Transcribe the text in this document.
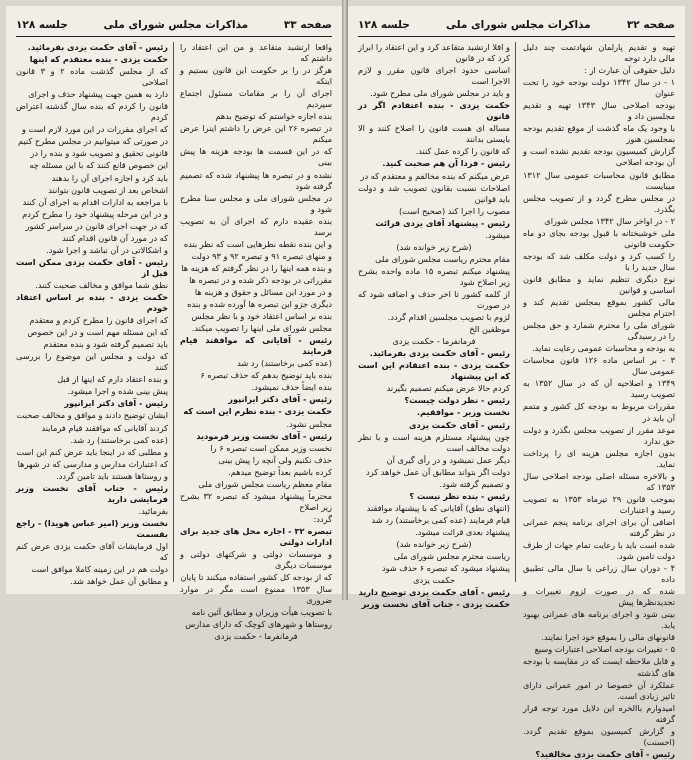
صفحه ۳۲
مذاکرات مجلس شورای ملی
جلسه ۱۲۸

تهیه و تقدیم پارلمان شهادتمت چند دلیل مالی دارد توجه

دلیل حقوقی آن عبارت از :

۱ - در سال ۱۳۴۲ دولت بودجه خود را تحت عنوان

بودجه اصلاحی سال ۱۳۴۳ تهیه و تقدیم مجلسین داد و

با وجود یک ماه گذشت از موقع تقدیم بودجه بمجلسین هنوز

گزارش کمیسیون بودجه تقدیم نشده است و آن بودجه اصلاحی

مطابق قانون محاسبات عمومی سال ۱۳۱۲ میبایست

در مجلس مطرح گردد و از تصویب مجلس بگذرد.

۲ - در اواخر سال ۱۳۴۲ مجلس شورای

ملی خوشبختانه با قبول بودجه بجای دو ماه حکومت قانونی

را کسب کرد و دولت مکلف شد که بودجه سال جدید را با

نوع دیگری تنظیم نماید و مطابق قانون اساسی و قوانین

مالی کشور بموقع بمجلس تقدیم کند و احترام مجلس

شورای ملی را محترم شمارد و حق مجلس را در رسیدگی

به بودجه و محاسبات عمومی رعایت نماید.

۳ - بر اساس ماده ۱۲۶ قانون محاسبات عمومی سال

۱۳۴۹ و اصلاحیه آن که در سال ۱۳۵۲ به تصویب رسید

مقررات مربوط به بودجه کل کشور و متمم آن باید در

موعد مقرر از تصویب مجلس بگذرد و دولت حق ندارد

بدون اجازه مجلس هزینه ای را پرداخت نماید.

و بالاخره مسئله اصلی بودجه اصلاحی سال ۱۳۵۳ که

بموجب قانون ۲۹ تیرماه ۱۳۵۳ به تصویب رسید و اعتبارات

اضافی آن برای اجرای برنامه پنجم عمرانی در نظر گرفته

شده است باید با رعایت تمام جهات از طرف دولت تامین شود.

۴ - دوران سال زراعی با سال مالی تطبیق داده

شده که در صورت لزوم تغییرات و تجدیدنظرها پیش

بینی شود و اجرای برنامه های عمرانی بهبود یابد.

قانونهای مالی را بموقع خود اجرا نمایند.

۵ - تغییرات بودجه اصلاحی اعتبارات وسیع

و قابل ملاحظه ایست که در مقایسه با بودجه های گذشته

عملکرد آن خصوصا در امور عمرانی دارای تاثیر زیادی است.

امیدوارم باالخره این دلایل مورد توجه قرار گرفته

و گزارش کمیسیون بموقع تقدیم گردد. (احسنت)

رئیس - آقای حکمت یزدی مخالفید؟

و اقلا ارتشبد متقاعد کرد و این اعتقاد را ابراز کرد که در قانون

اساسی حدود اجرای قانون مقرر و لازم الاجرا است

و باید در مجلس شورای ملی مطرح شود.

حکمت یزدی - بنده اعتقادم اگر در قانون

مساله ای هست قانون را اصلاح کنند و الا بایستی بدانند

که قانون را کرده عمل کنند.

رئیس - فردا آن هم صحبت کنید.

عرض میکنم که بنده مخالفم و معتقدم که در

اصلاحات نسبت بقانون تصویب شد و دولت باید قوانین

مصوب را اجرا کند (صحیح است)

رئیس - پیشنهاد آقای یزدی قرائت

میشود.

(شرح زیر خوانده شد)

مقام محترم ریاست مجلس شورای ملی

پیشنهاد میکنم تبصره ۱۵ ماده واحده بشرح زیر اصلاح شود

از کلمه کشور تا اخر حذف و اضافه شود که در صورت

لزوم با تصویب مجلسین اقدام گردد.

موظفین الخ

فرمانفرما - حکمت یزدی

رئیس - آقای حکمت یزدی بفرمائید.

حکمت یزدی - بنده اعتقادم این است که این پیشنهاد

کردم حالا عرض میکنم تصمیم بگیرند

رئیس - نظر دولت چیست؟

نخست وزیر - موافقیم.

رئیس - آقای حکمت یزدی

چون پیشنهاد مستلزم هزینه است و با نظر دولت مخالف است

دیگر عمل نمیشود و در رأی گیری آن

دولت اگر بتواند مطابق آن عمل خواهد کرد

و تصمیم گرفته شود.

رئیس - بنده نظر نیست ؟

(انتهای نطق) آقایانی که با پیشنهاد موافقند

قیام فرمایند (عده کمی برخاستند) رد شد

پیشنهاد بعدی قرائت میشود.

(شرح زیر خوانده شد)

ریاست محترم مجلس شورای ملی

پیشنهاد میشود که تبصره ۶ حذف شود

حکمت یزدی

رئیس - آقای حکمت یزدی توضیح دارید

حکمت یزدی - جناب آقای نخست وزیر

صفحه ۳۳
مذاکرات مجلس شورای ملی
جلسه ۱۲۸

واقعا ارتشبد متقاعد و من این اعتقاد را داشتم که

هرگز در را بر حکومت این قانون بستیم و اینکه

اجرای آن را بر مقامات مسئول اجتماع سپردیم

بنده اجازه خواستم که توضیح بدهم

در تبصره ۲۶ این عرض را داشتم اینرا عرض میکنم

که در این قسمت ها بودجه هزینه ها پیش بینی

نشده و در تبصره ها پیشنهاد شده که تصمیم گرفته شود

در مجلس شورای ملی و مجلس سنا مطرح شود و

بنده عقیده دارم که اجرای آن به تصویب برسد

و این بنده نقطه نظرهایی است که نظر بنده

و منهای تبصره ۹۱ و تبصره ۹۲ و ۹۳ دولت

و بنده همه اینها را در نظر گرفتم که هزینه ها

مقرراتی در بودجه ذکر شده و در تبصره ها

و در مورد این مسائل و حقوق و هزینه ها

دیگری جزو این تبصره ها آورده شده و بنده

بنده بر اساس اعتقاد خود و با نظر مجلس

مجلس شورای ملی اینها را تصویب میکند.

رئیس - آقایانی که موافقند قیام فرمایند

(عده کمی برخاستند) رد شد

بنده باید توضیح بدهم که حذف تبصره ۶

بنده ایضاً حذف نمیشود.

رئیس - آقای دکتر ایرانپور

حکمت یزدی - بنده نظرم این است که

مجلس نشود.

رئیس - آقای نخست وزیر فرمودید

نخست وزیر ممکن است تبصره ۶ را

حذف نکنیم ولی آنچه را پیش بینی

کرده باشیم بعداً توضیح میدهم.

مقام معظم ریاست مجلس شورای ملی

محترماً پیشنهاد میشود که تبصره ۳۲ بشرح زیر اصلاح

گردد:

تبصره ۳۲ - اجاره محل های جدید برای ادارات دولتی

و موسسات دولتی و شرکتهای دولتی و موسسات دیگری

که از بودجه کل کشور استفاده میکنند تا پایان

سال ۱۳۵۳ ممنوع است مگر در موارد ضروری

با تصویب هیأت وزیران و مطابق آئین نامه

روستاها و شهرهای کوچک که دارای مدارس

فرمانفرما - حکمت یزدی

رئیس - آقای حکمت یزدی بفرمائید.

حکمت یزدی - بنده معتقدم که اینها

که از مجلس گذشت ماده ۲ و ۳ قانون اصلاحی

دارد به همین جهت پیشنهاد حذف و اجرای

قانون را کردم که بنده سال گذشته اعتراض کردم

که اجرای مقررات در این مورد لازم است و

در صورتی که میتوانیم در مجلس مطرح کنیم

قانونی تحقیق و تصویب شود و بنده را در

این خصوص قانع کنند که با این مسئله چه

باید کرد و اجازه اجرای آن را بدهند

اشخاص بعد از تصویب قانون بتوانند

با مراجعه به ادارات اقدام به اجرای آن کنند

و در این مرحله پیشنهاد خود را مطرح کردم

که در جهت اجرای قانون در سراسر کشور

که در مورد آن قانون اقدام کنند

و اشکالاتی در آن نباشد و اجرا شود.

رئیس - آقای حکمت یزدی ممکن است قبل از

نطق شما موافق و مخالف صحبت کنند.

حکمت یزدی - بنده بر اساس اعتقاد خودم

که اجرای قانون را مطرح کردم و معتقدم

که این مسئله مهم است و در این خصوص

باید تصمیم گرفته شود و بنده معتقدم

که دولت و مجلس این موضوع را بررسی کنند

و بنده اعتقاد دارم که اینها از قبل

پیش بینی شده و اجرا میشود.

رئیس - آقای دکتر ایرانپور

ایشان توضیح دادند و موافق و مخالف صحبت

کردند آقایانی که موافقند قیام فرمایند

(عده کمی برخاستند) رد شد.

و مطلبی که در اینجا باید عرض کنم این است

که اعتبارات مدارس و مدارسی که در شهرها

و روستاها هستند باید تامین گردد.

رئیس - جناب آقای نخست وزیر فرمایشی دارید

بفرمائید.

نخست وزیر (امیر عباس هویدا) - راجع بقسمت

اول فرمایشات آقای حکمت یزدی عرض کنم که

دولت هم در این زمینه کاملا موافق است

و مطابق آن عمل خواهد شد.
